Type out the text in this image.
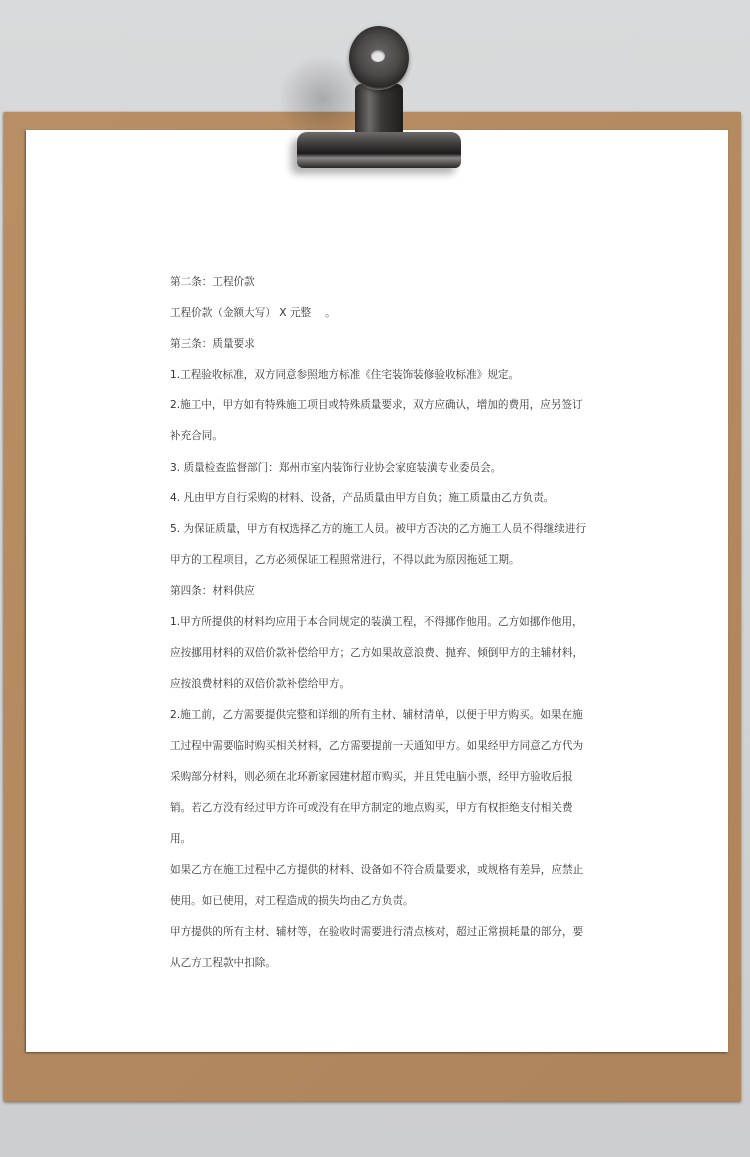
第二条：工程价款

工程价款（金额大写） X 元整　 。

第三条：质量要求

1.工程验收标准，双方同意参照地方标准《住宅装饰装修验收标准》规定。

2.施工中，甲方如有特殊施工项目或特殊质量要求，双方应确认，增加的费用，应另签订补充合同。

3. 质量检查监督部门：郑州市室内装饰行业协会家庭装潢专业委员会。

4. 凡由甲方自行采购的材料、设备，产品质量由甲方自负；施工质量由乙方负责。

5. 为保证质量，甲方有权选择乙方的施工人员。被甲方否决的乙方施工人员不得继续进行甲方的工程项目，乙方必须保证工程照常进行，不得以此为原因拖延工期。

第四条：材料供应

1.甲方所提供的材料均应用于本合同规定的装潢工程，不得挪作他用。乙方如挪作他用，应按挪用材料的双倍价款补偿给甲方；乙方如果故意浪费、抛弃、倾倒甲方的主辅材料，应按浪费材料的双倍价款补偿给甲方。

2.施工前，乙方需要提供完整和详细的所有主材、辅材清单，以便于甲方购买。如果在施工过程中需要临时购买相关材料，乙方需要提前一天通知甲方。如果经甲方同意乙方代为采购部分材料，则必须在北环新家园建材超市购买，并且凭电脑小票，经甲方验收后报销。若乙方没有经过甲方许可或没有在甲方制定的地点购买，甲方有权拒绝支付相关费用。

如果乙方在施工过程中乙方提供的材料、设备如不符合质量要求，或规格有差异，应禁止使用。如已使用，对工程造成的损失均由乙方负责。

甲方提供的所有主材、辅材等，在验收时需要进行清点核对，超过正常损耗量的部分，要从乙方工程款中扣除。
